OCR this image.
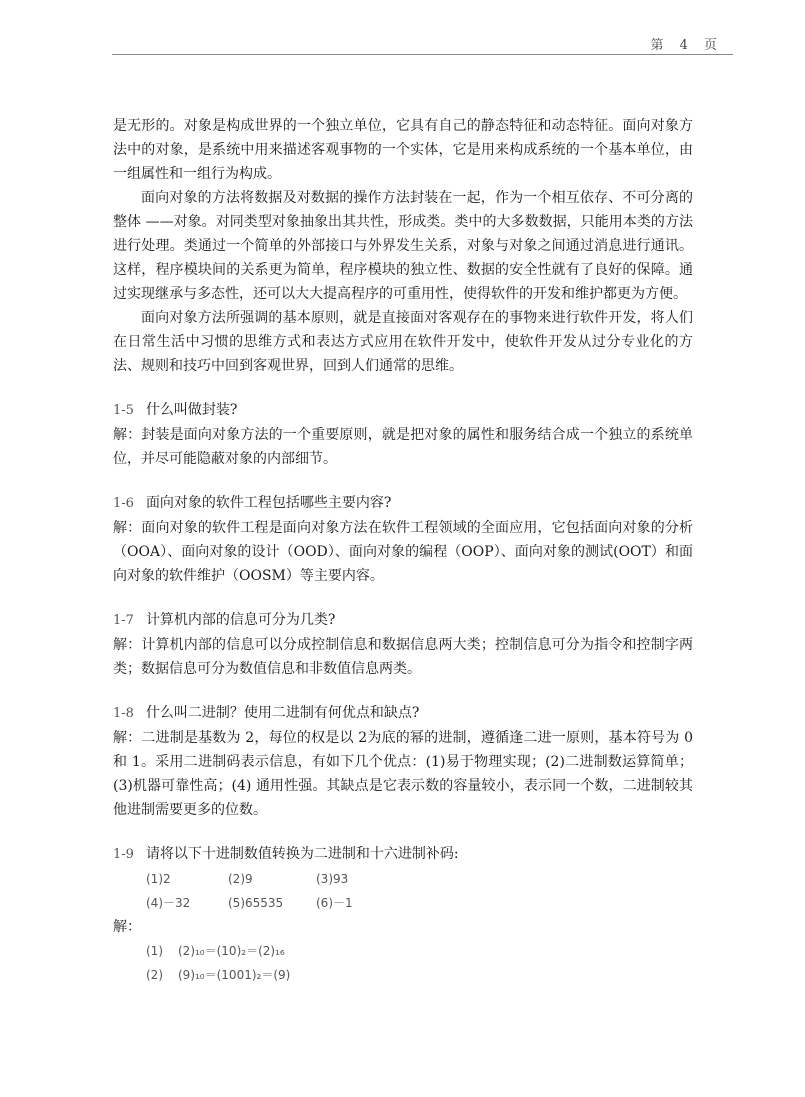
第 4 页

是无形的。对象是构成世界的一个独立单位，它具有自己的静态特征和动态特征。面向对象方法中的对象，是系统中用来描述客观事物的一个实体，它是用来构成系统的一个基本单位，由一组属性和一组行为构成。

面向对象的方法将数据及对数据的操作方法封装在一起，作为一个相互依存、不可分离的整体 ——对象。对同类型对象抽象出其共性，形成类。类中的大多数数据，只能用本类的方法进行处理。类通过一个简单的外部接口与外界发生关系，对象与对象之间通过消息进行通讯。这样，程序模块间的关系更为简单，程序模块的独立性、数据的安全性就有了良好的保障。通过实现继承与多态性，还可以大大提高程序的可重用性，使得软件的开发和维护都更为方便。

面向对象方法所强调的基本原则，就是直接面对客观存在的事物来进行软件开发，将人们在日常生活中习惯的思维方式和表达方式应用在软件开发中，使软件开发从过分专业化的方法、规则和技巧中回到客观世界，回到人们通常的思维。

1-5 什么叫做封装?

解：封装是面向对象方法的一个重要原则，就是把对象的属性和服务结合成一个独立的系统单位，并尽可能隐蔽对象的内部细节。

1-6 面向对象的软件工程包括哪些主要内容?

解：面向对象的软件工程是面向对象方法在软件工程领域的全面应用，它包括面向对象的分析（OOA）、面向对象的设计（OOD）、面向对象的编程（OOP）、面向对象的测试(OOT）和面向对象的软件维护（OOSM）等主要内容。

1-7 计算机内部的信息可分为几类?

解：计算机内部的信息可以分成控制信息和数据信息两大类；控制信息可分为指令和控制字两类；数据信息可分为数值信息和非数值信息两类。

1-8 什么叫二进制？使用二进制有何优点和缺点?

解：二进制是基数为 2，每位的权是以 2为底的幂的进制，遵循逢二进一原则，基本符号为 0和 1。采用二进制码表示信息，有如下几个优点：(1)易于物理实现；(2)二进制数运算简单；(3)机器可靠性高；(4) 通用性强。其缺点是它表示数的容量较小，表示同一个数，二进制较其他进制需要更多的位数。

1-9 请将以下十进制数值转换为二进制和十六进制补码:
(1)2	(2)9	(3)93
(4)－32	(5)65535	(6)－1

解：

(1) (2)₁₀＝(10)₂＝(2)₁₆
(2) (9)₁₀＝(1001)₂＝(9)
